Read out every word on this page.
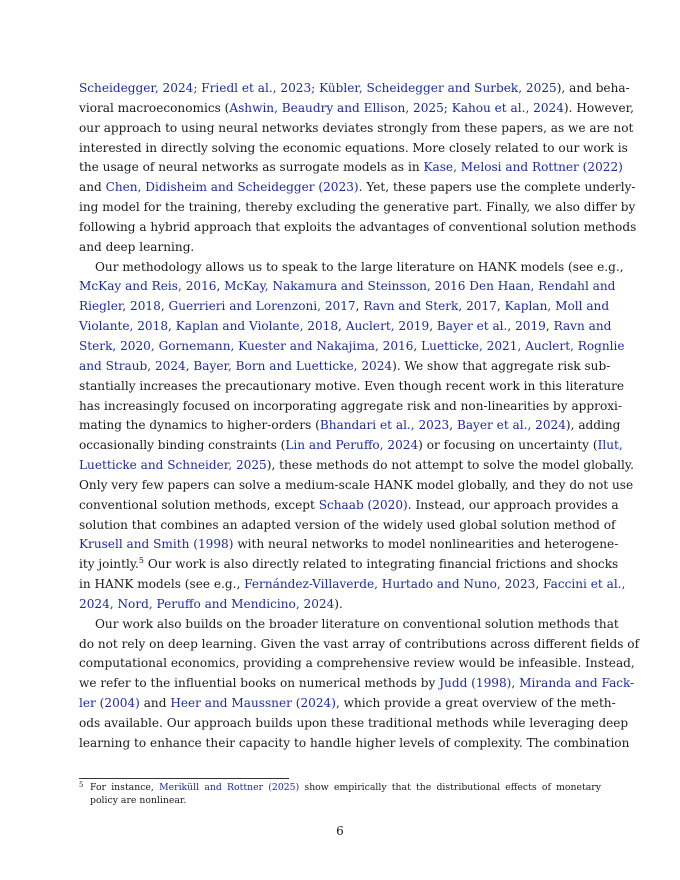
Scheidegger, 2024; Friedl et al., 2023; Kübler, Scheidegger and Surbek, 2025), and beha-
vioral macroeconomics (Ashwin, Beaudry and Ellison, 2025; Kahou et al., 2024). However,
our approach to using neural networks deviates strongly from these papers, as we are not
interested in directly solving the economic equations. More closely related to our work is
the usage of neural networks as surrogate models as in Kase, Melosi and Rottner (2022)
and Chen, Didisheim and Scheidegger (2023). Yet, these papers use the complete underly-
ing model for the training, thereby excluding the generative part. Finally, we also differ by
following a hybrid approach that exploits the advantages of conventional solution methods
and deep learning.

Our methodology allows us to speak to the large literature on HANK models (see e.g.,
McKay and Reis, 2016, McKay, Nakamura and Steinsson, 2016 Den Haan, Rendahl and
Riegler, 2018, Guerrieri and Lorenzoni, 2017, Ravn and Sterk, 2017, Kaplan, Moll and
Violante, 2018, Kaplan and Violante, 2018, Auclert, 2019, Bayer et al., 2019, Ravn and
Sterk, 2020, Gornemann, Kuester and Nakajima, 2016, Luetticke, 2021, Auclert, Rognlie
and Straub, 2024, Bayer, Born and Luetticke, 2024). We show that aggregate risk sub-
stantially increases the precautionary motive. Even though recent work in this literature
has increasingly focused on incorporating aggregate risk and non-linearities by approxi-
mating the dynamics to higher-orders (Bhandari et al., 2023, Bayer et al., 2024), adding
occasionally binding constraints (Lin and Peruffo, 2024) or focusing on uncertainty (Ilut,
Luetticke and Schneider, 2025), these methods do not attempt to solve the model globally.
Only very few papers can solve a medium-scale HANK model globally, and they do not use
conventional solution methods, except Schaab (2020). Instead, our approach provides a
solution that combines an adapted version of the widely used global solution method of
Krusell and Smith (1998) with neural networks to model nonlinearities and heterogene-
ity jointly.$^5$ Our work is also directly related to integrating financial frictions and shocks
in HANK models (see e.g., Fernández-Villaverde, Hurtado and Nuno, 2023, Faccini et al.,
2024, Nord, Peruffo and Mendicino, 2024).

Our work also builds on the broader literature on conventional solution methods that
do not rely on deep learning. Given the vast array of contributions across different fields of
computational economics, providing a comprehensive review would be infeasible. Instead,
we refer to the influential books on numerical methods by Judd (1998), Miranda and Fack-
ler (2004) and Heer and Maussner (2024), which provide a great overview of the meth-
ods available. Our approach builds upon these traditional methods while leveraging deep
learning to enhance their capacity to handle higher levels of complexity. The combination

5 For instance, Meriküll and Rottner (2025) show empirically that the distributional effects of monetary
policy are nonlinear.
6
